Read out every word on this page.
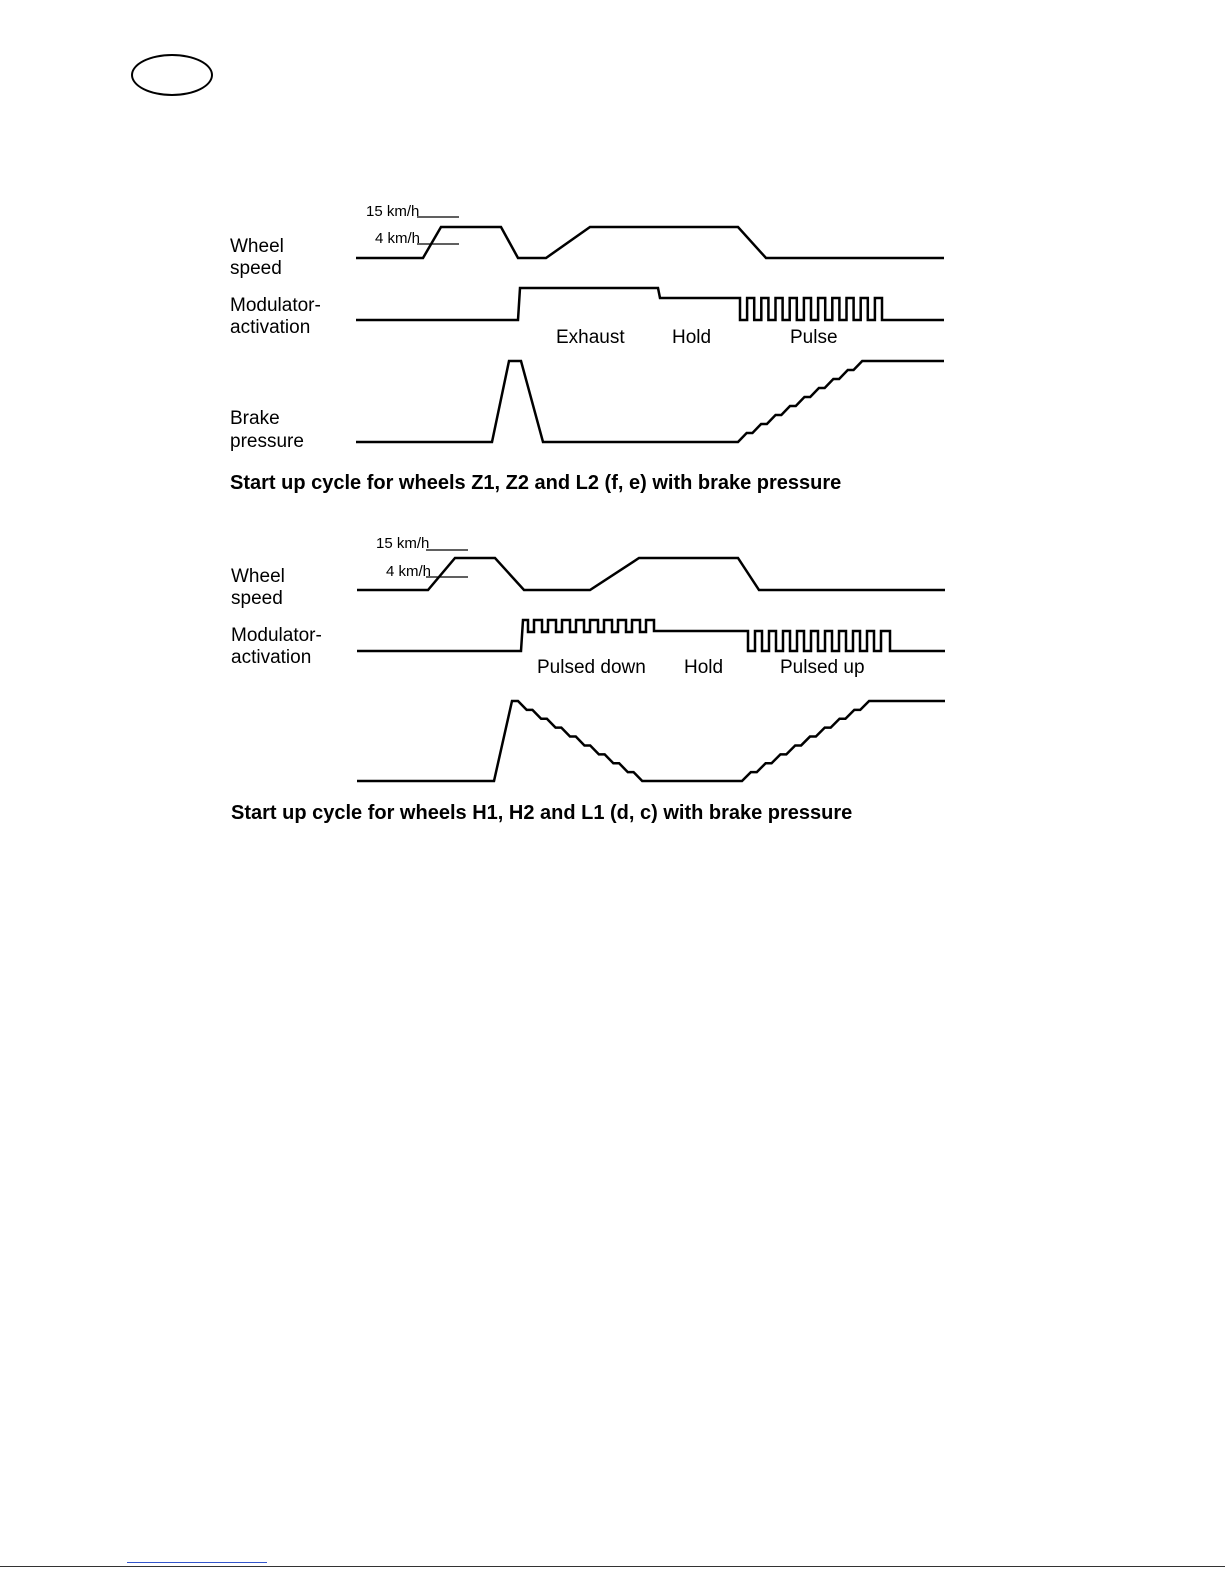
15 km/h
4 km/h
Wheel
speed
Modulator-
activation	Exhaust Hold	Pulse
Brake
pressure
Start up cycle for wheels Z1, Z2 and L2 (f, e) with brake pressure
15 km/h
4 km/h
Wheel
speed
Modulator-
activation	Pulsed down Hold	Pulsed up
Start up cycle for wheels H1, H2 and L1 (d, c) with brake pressure
